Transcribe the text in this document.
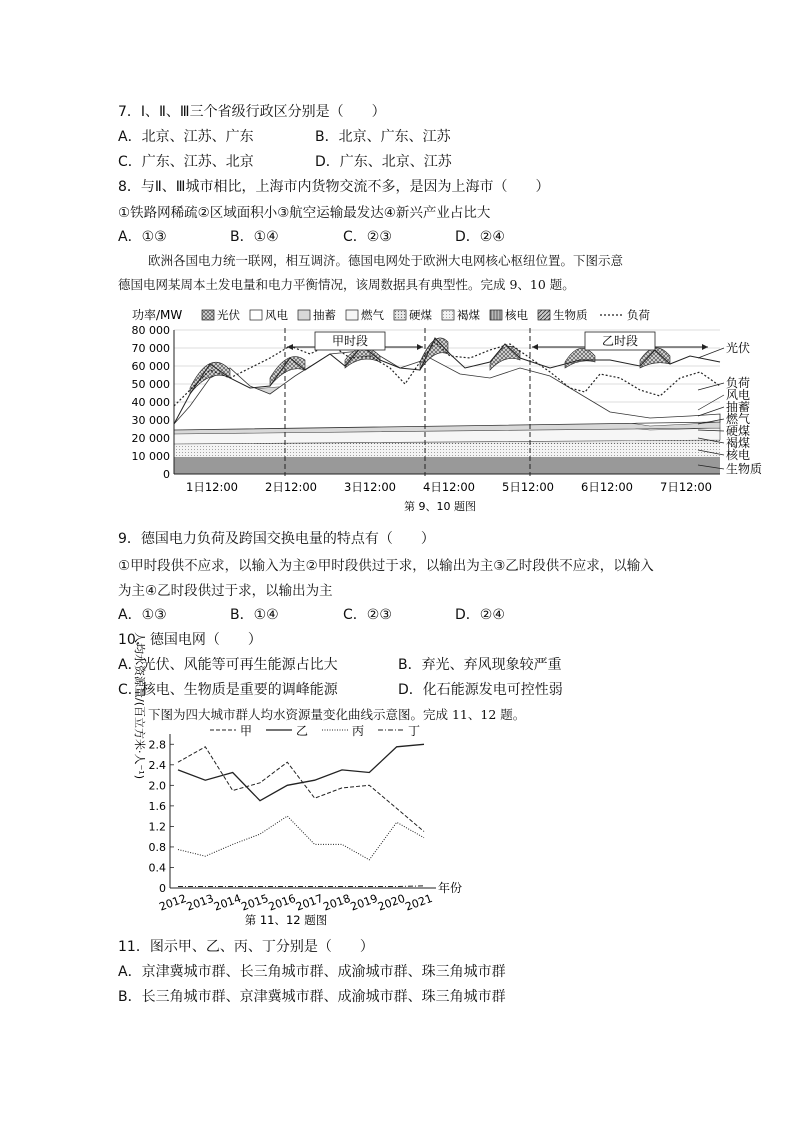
7．Ⅰ、Ⅱ、Ⅲ三个省级行政区分别是（　　）
A．北京、江苏、广东	B．北京、广东、江苏
C．广东、江苏、北京	D．广东、北京、江苏
8．与Ⅱ、Ⅲ城市相比，上海市内货物交流不多，是因为上海市（　　）
①铁路网稀疏②区域面积小③航空运输最发达④新兴产业占比大
A．①③	B．①④	C．②③	D．②④
欧洲各国电力统一联网，相互调济。德国电网处于欧洲大电网核心枢纽位置。下图示意
德国电网某周本土发电量和电力平衡情况，该周数据具有典型性。完成 9、10 题。
功率/MW	光伏 风电 抽蓄 燃气 硬煤 褐煤 核电 生物质	负荷
0
10 000
20 000
30 000
40 000
50 000
60 000
70 000
80 000
甲时段	乙时段
1日12:00 2日12:00 3日12:00 4日12:00 5日12:00 6日12:00 7日12:00
光伏
负荷
风电
抽蓄
燃气
硬煤
褐煤
核电
生物质
第 9、10 题图
9．德国电力负荷及跨国交换电量的特点有（　　）
①甲时段供不应求，以输入为主②甲时段供过于求，以输出为主③乙时段供不应求，以输入
为主④乙时段供过于求，以输出为主
A．①③	B．①④	C．②③	D．②④
10．德国电网（　　）
A．光伏、风能等可再生能源占比大	B．弃光、弃风现象较严重
C．核电、生物质是重要的调峰能源	D．化石能源发电可控性弱
下图为四大城市群人均水资源量变化曲线示意图。完成 11、12 题。
甲	乙	丙	丁
人均水资源量/(百立方米·人⁻¹)
0
0.4
0.8
1.2
1.6
2.0
2.4
2.8
2012
2013
2014
2015
2016
2017
2018
2019
2020
2021
年份
第 11、12 题图
11．图示甲、乙、丙、丁分别是（　　）
A．京津冀城市群、长三角城市群、成渝城市群、珠三角城市群
B．长三角城市群、京津冀城市群、成渝城市群、珠三角城市群
